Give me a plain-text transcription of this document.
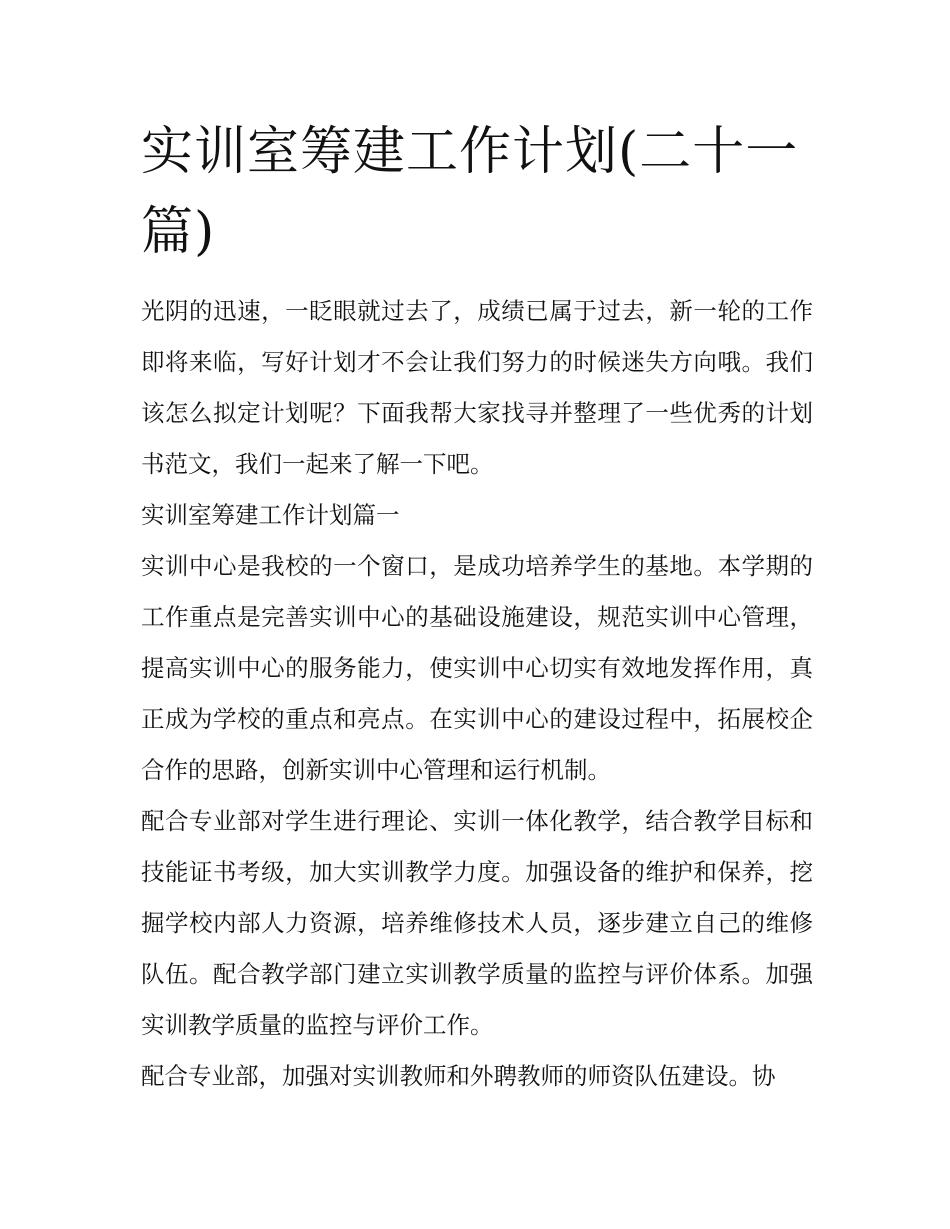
实训室筹建工作计划(二十一篇)

光阴的迅速，一眨眼就过去了，成绩已属于过去，新一轮的工作即将来临，写好计划才不会让我们努力的时候迷失方向哦。我们该怎么拟定计划呢？下面我帮大家找寻并整理了一些优秀的计划书范文，我们一起来了解一下吧。

实训室筹建工作计划篇一

实训中心是我校的一个窗口，是成功培养学生的基地。本学期的工作重点是完善实训中心的基础设施建设，规范实训中心管理，提高实训中心的服务能力，使实训中心切实有效地发挥作用，真正成为学校的重点和亮点。在实训中心的建设过程中，拓展校企合作的思路，创新实训中心管理和运行机制。

配合专业部对学生进行理论、实训一体化教学，结合教学目标和技能证书考级，加大实训教学力度。加强设备的维护和保养，挖掘学校内部人力资源，培养维修技术人员，逐步建立自己的维修队伍。配合教学部门建立实训教学质量的监控与评价体系。加强实训教学质量的监控与评价工作。

配合专业部，加强对实训教师和外聘教师的师资队伍建设。协
